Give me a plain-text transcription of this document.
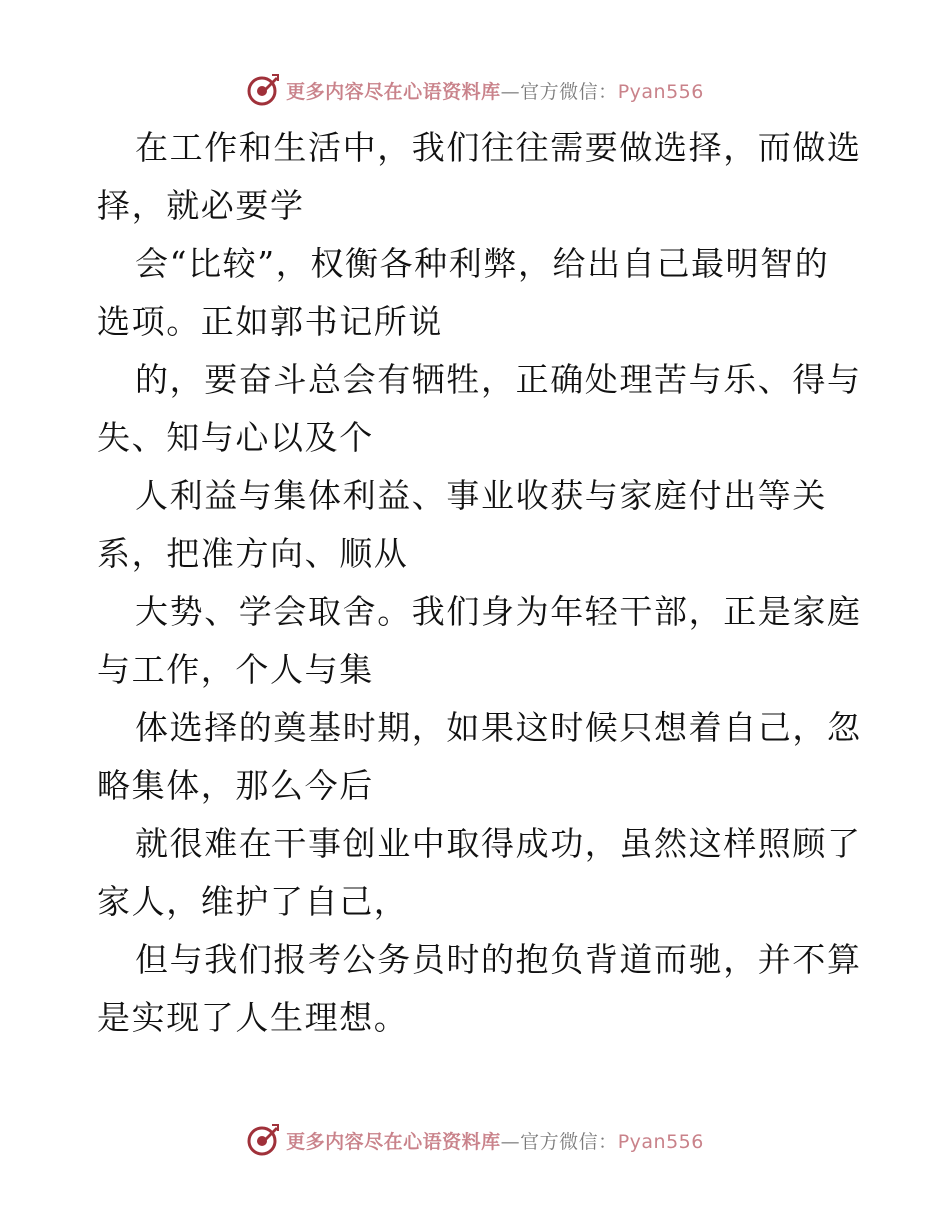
更多内容尽在心语资料库—官方微信：Pyan556
在工作和生活中，我们往往需要做选择，而做选
择，就必要学
会“比较”，权衡各种利弊，给出自己最明智的
选项。正如郭书记所说
的，要奋斗总会有牺牲，正确处理苦与乐、得与
失、知与心以及个
人利益与集体利益、事业收获与家庭付出等关
系，把准方向、顺从
大势、学会取舍。我们身为年轻干部，正是家庭
与工作，个人与集
体选择的奠基时期，如果这时候只想着自己，忽
略集体，那么今后
就很难在干事创业中取得成功，虽然这样照顾了
家人，维护了自己，
但与我们报考公务员时的抱负背道而驰，并不算
是实现了人生理想。
更多内容尽在心语资料库—官方微信：Pyan556
